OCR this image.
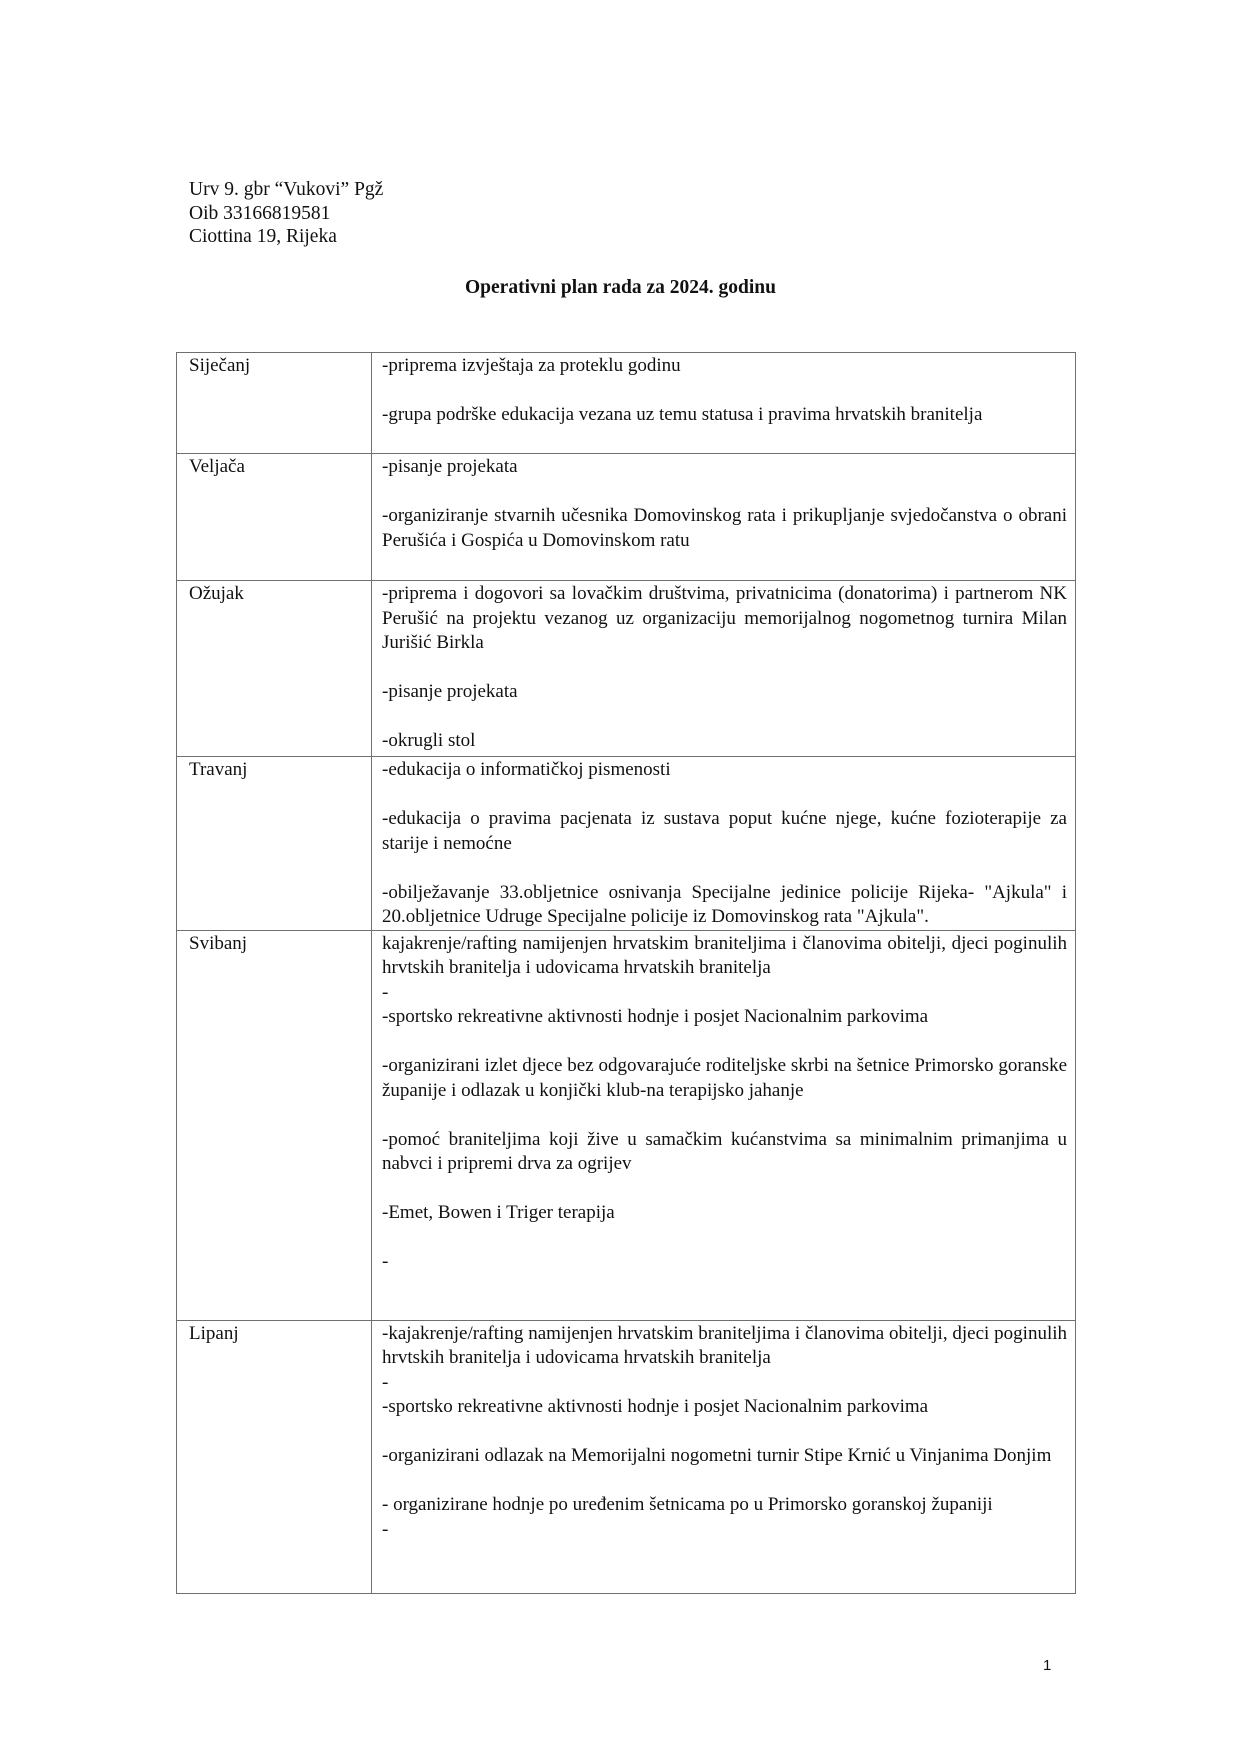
Urv 9. gbr “Vukovi” Pgž
Oib 33166819581
Ciottina 19, Rijeka
Operativni plan rada za 2024. godinu
Siječanj	-priprema izvještaja za proteklu godinu
-grupa podrške edukacija vezana uz temu statusa i pravima hrvatskih branitelja

Veljača	-pisanje projekata
-organiziranje stvarnih učesnika Domovinskog rata i prikupljanje svjedočanstva o obrani Perušića i Gospića u Domovinskom ratu

Ožujak	-priprema i dogovori sa lovačkim društvima, privatnicima (donatorima) i partnerom NK Perušić na projektu vezanog uz organizaciju memorijalnog nogometnog turnira Milan Jurišić Birkla
-pisanje projekata
-okrugli stol

Travanj	-edukacija o informatičkoj pismenosti
-edukacija o pravima pacjenata iz sustava poput kućne njege, kućne fozioterapije za starije i nemoćne
-obilježavanje 33.obljetnice osnivanja Specijalne jedinice policije Rijeka- "Ajkula" i 20.obljetnice Udruge Specijalne policije iz Domovinskog rata "Ajkula".

Svibanj	kajakrenje/rafting namijenjen hrvatskim braniteljima i članovima obitelji, djeci poginulih hrvtskih branitelja i udovicama hrvatskih branitelja
-
-sportsko rekreativne aktivnosti hodnje i posjet Nacionalnim parkovima
-organizirani izlet djece bez odgovarajuće roditeljske skrbi na šetnice Primorsko goranske županije i odlazak u konjički klub-na terapijsko jahanje
-pomoć braniteljima koji žive u samačkim kućanstvima sa minimalnim primanjima u nabvci i pripremi drva za ogrijev
-Emet, Bowen i Triger terapija
-

Lipanj	-kajakrenje/rafting namijenjen hrvatskim braniteljima i članovima obitelji, djeci poginulih hrvtskih branitelja i udovicama hrvatskih branitelja
-
-sportsko rekreativne aktivnosti hodnje i posjet Nacionalnim parkovima
-organizirani odlazak na Memorijalni nogometni turnir Stipe Krnić u Vinjanima Donjim
- organizirane hodnje po uređenim šetnicama po u Primorsko goranskoj županiji
-
1
